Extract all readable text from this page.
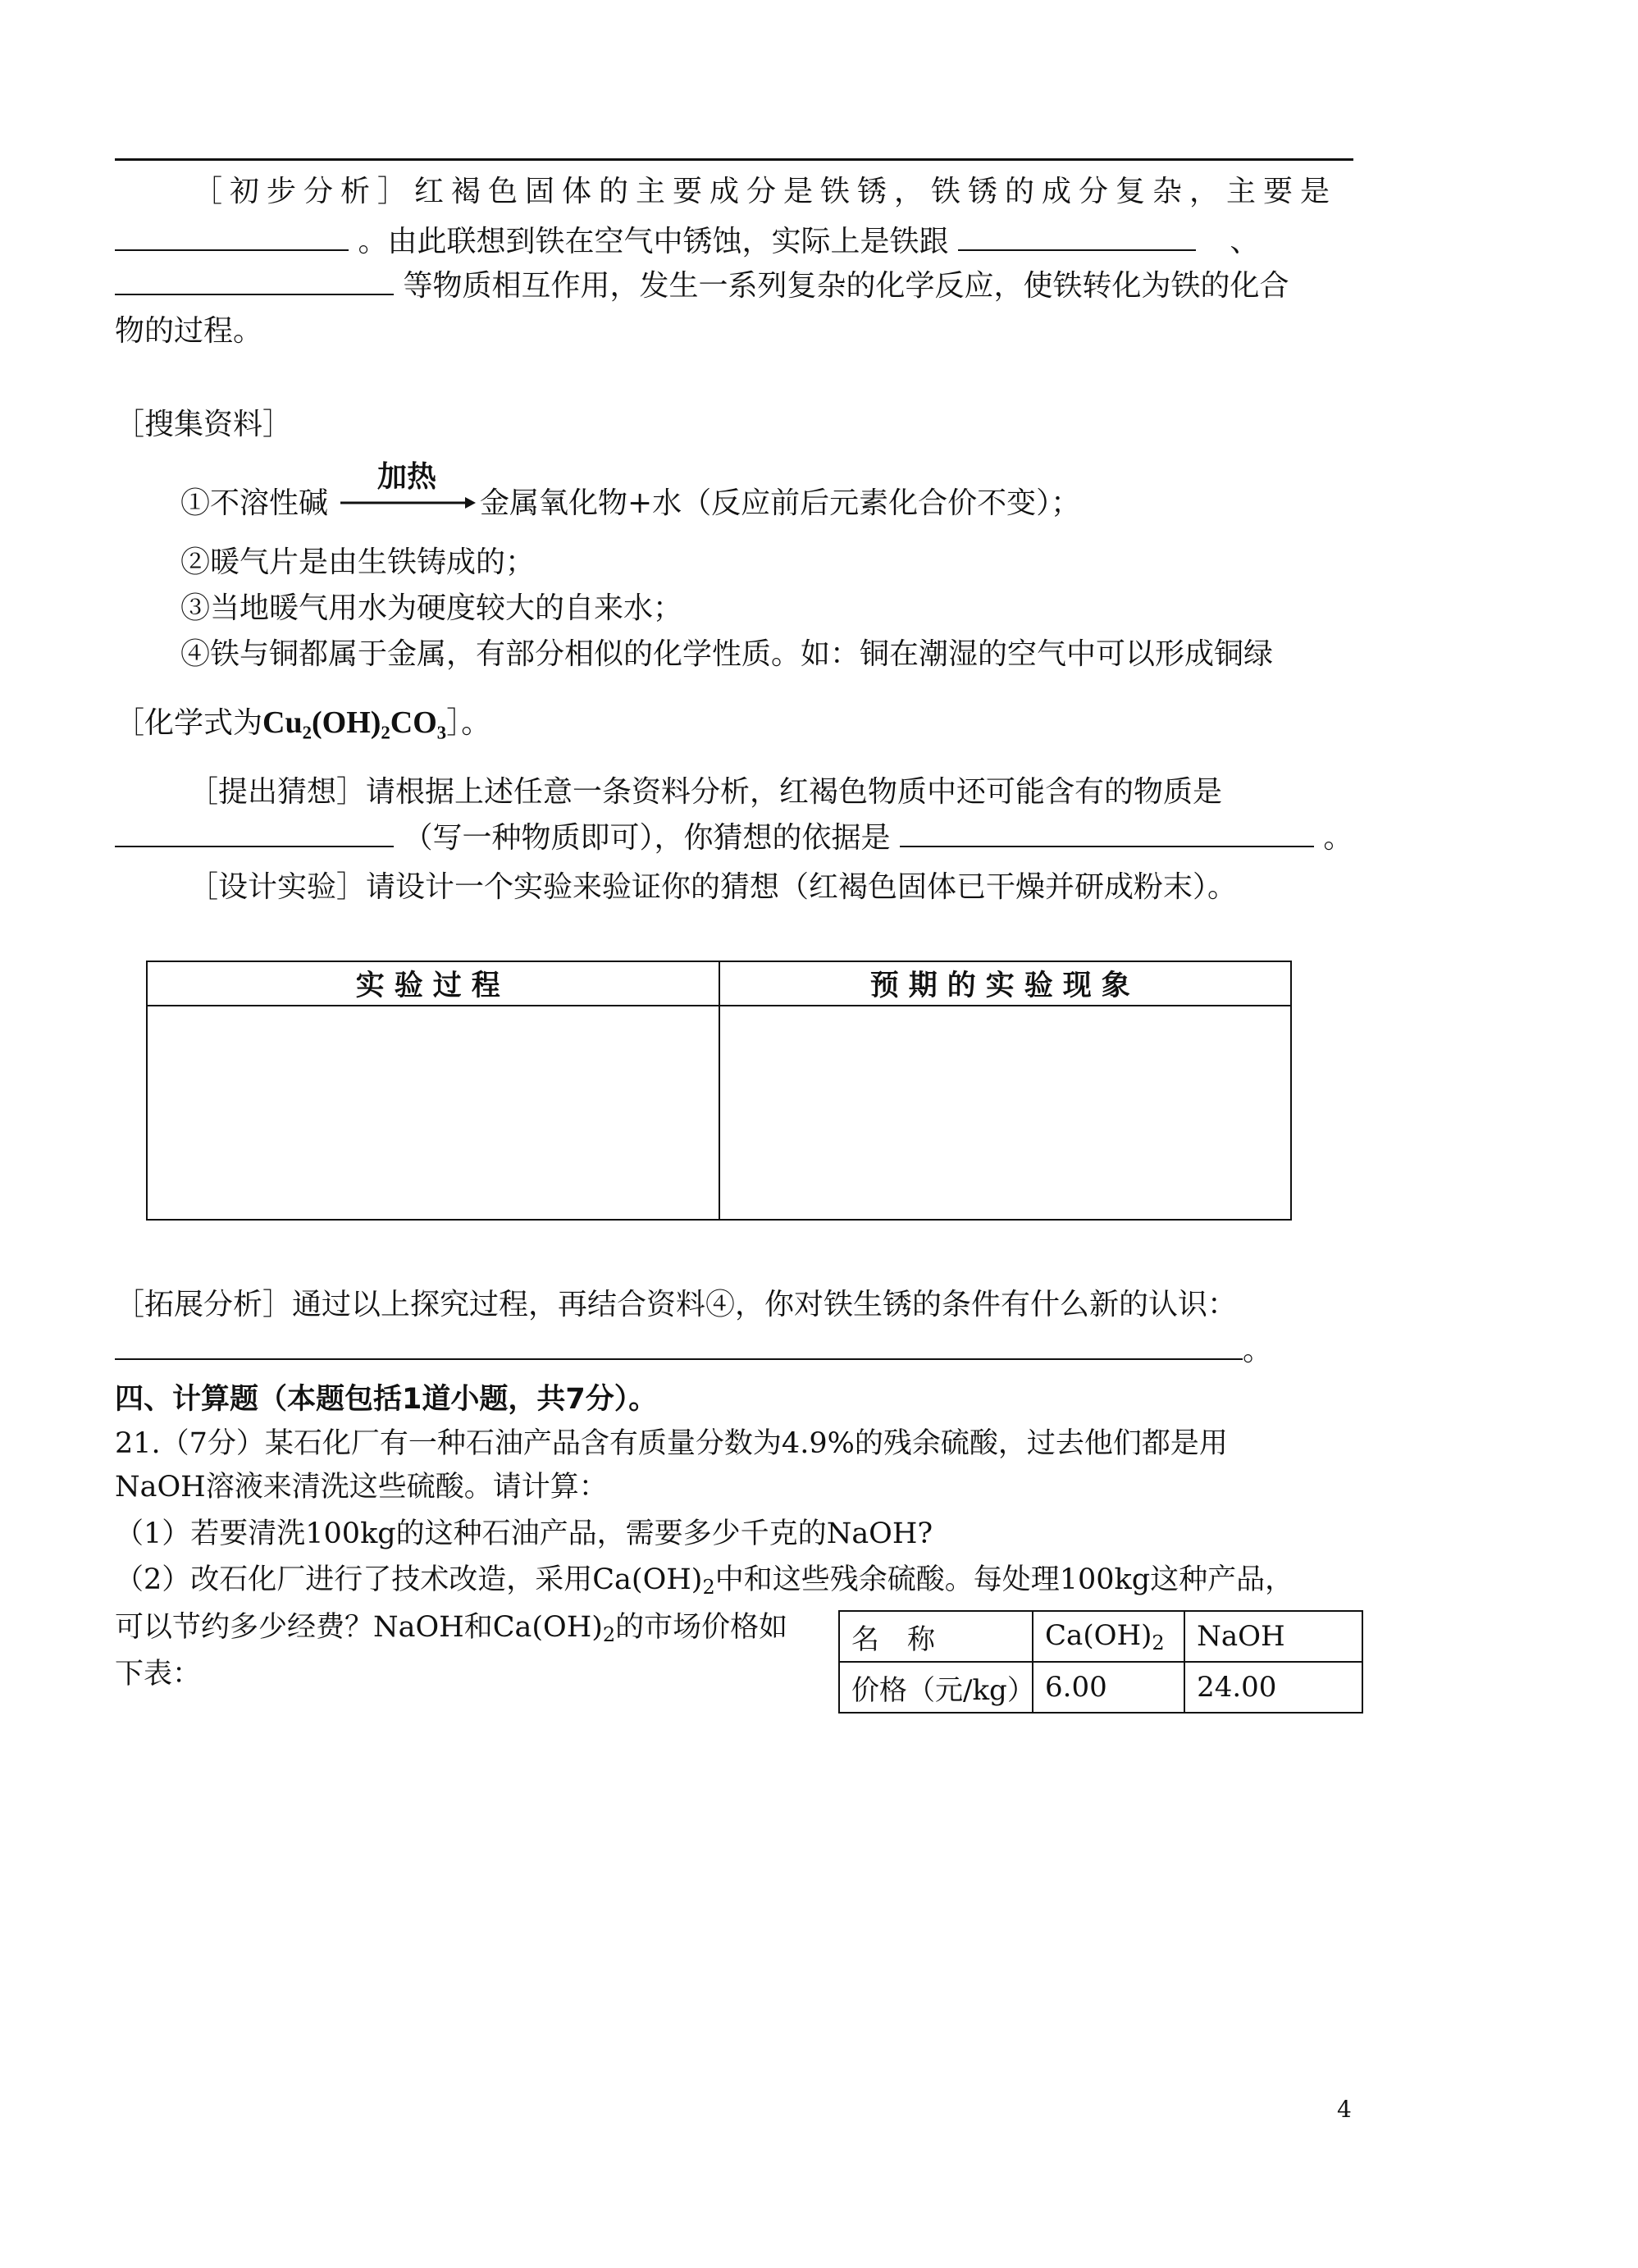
［初步分析］红褐色固体的主要成分是铁锈，铁锈的成分复杂，主要是
。由此联想到铁在空气中锈蚀，实际上是铁跟	、
等物质相互作用，发生一系列复杂的化学反应，使铁转化为铁的化合
物的过程。
［搜集资料］
①不溶性碱
加热
金属氧化物+水（反应前后元素化合价不变）；
②暖气片是由生铁铸成的；
③当地暖气用水为硬度较大的自来水；
④铁与铜都属于金属，有部分相似的化学性质。如：铜在潮湿的空气中可以形成铜绿
［化学式为Cu₂(OH)₂CO₃］。
［提出猜想］请根据上述任意一条资料分析，红褐色物质中还可能含有的物质是
（写一种物质即可），你猜想的依据是	。
［设计实验］请设计一个实验来验证你的猜想（红褐色固体已干燥并研成粉末）。
实验过程	预期的实验现象

［拓展分析］通过以上探究过程，再结合资料④，你对铁生锈的条件有什么新的认识：
。
四、计算题（本题包括1道小题，共7分）。
21.（7分）某石化厂有一种石油产品含有质量分数为4.9%的残余硫酸，过去他们都是用
NaOH溶液来清洗这些硫酸。请计算：
（1）若要清洗100kg的这种石油产品，需要多少千克的NaOH?
（2）改石化厂进行了技术改造，采用$Ca(OH)_2$中和这些残余硫酸。每处理100kg这种产品，
可以节约多少经费？NaOH和$Ca(OH)_2$的市场价格如
下表：
名　称	$Ca(OH)_2$	NaOH
价格（元/kg）	6.00	24.00
4
